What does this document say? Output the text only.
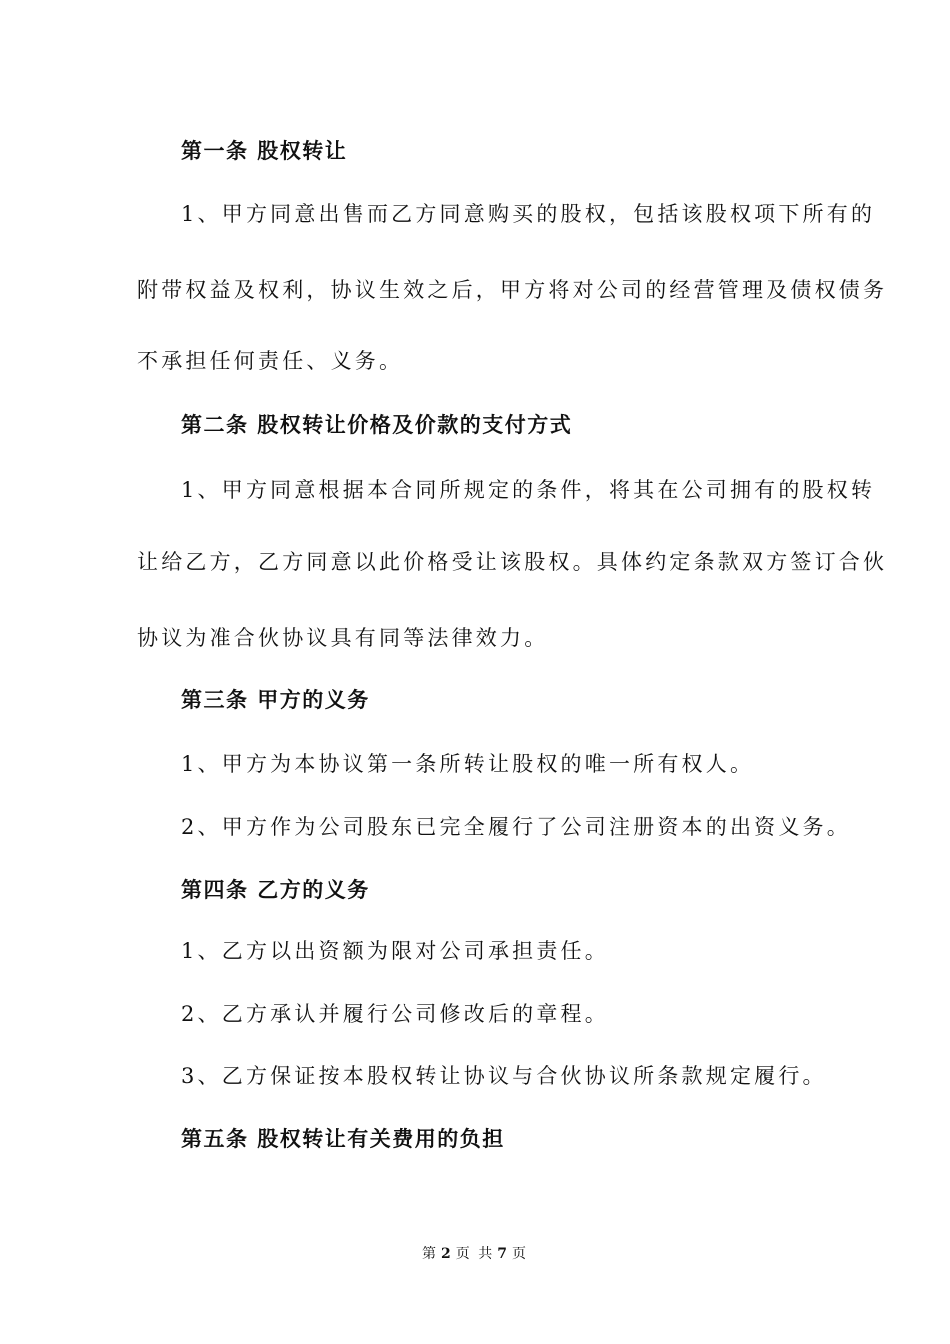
第一条 股权转让
1、甲方同意出售而乙方同意购买的股权，包括该股权项下所有的
附带权益及权利，协议生效之后，甲方将对公司的经营管理及债权债务
不承担任何责任、义务。
第二条 股权转让价格及价款的支付方式
1、甲方同意根据本合同所规定的条件，将其在公司拥有的股权转
让给乙方，乙方同意以此价格受让该股权。具体约定条款双方签订合伙
协议为准合伙协议具有同等法律效力。
第三条 甲方的义务
1、甲方为本协议第一条所转让股权的唯一所有权人。
2、甲方作为公司股东已完全履行了公司注册资本的出资义务。
第四条 乙方的义务
1、乙方以出资额为限对公司承担责任。
2、乙方承认并履行公司修改后的章程。
3、乙方保证按本股权转让协议与合伙协议所条款规定履行。
第五条 股权转让有关费用的负担
第 2 页 共 7 页
